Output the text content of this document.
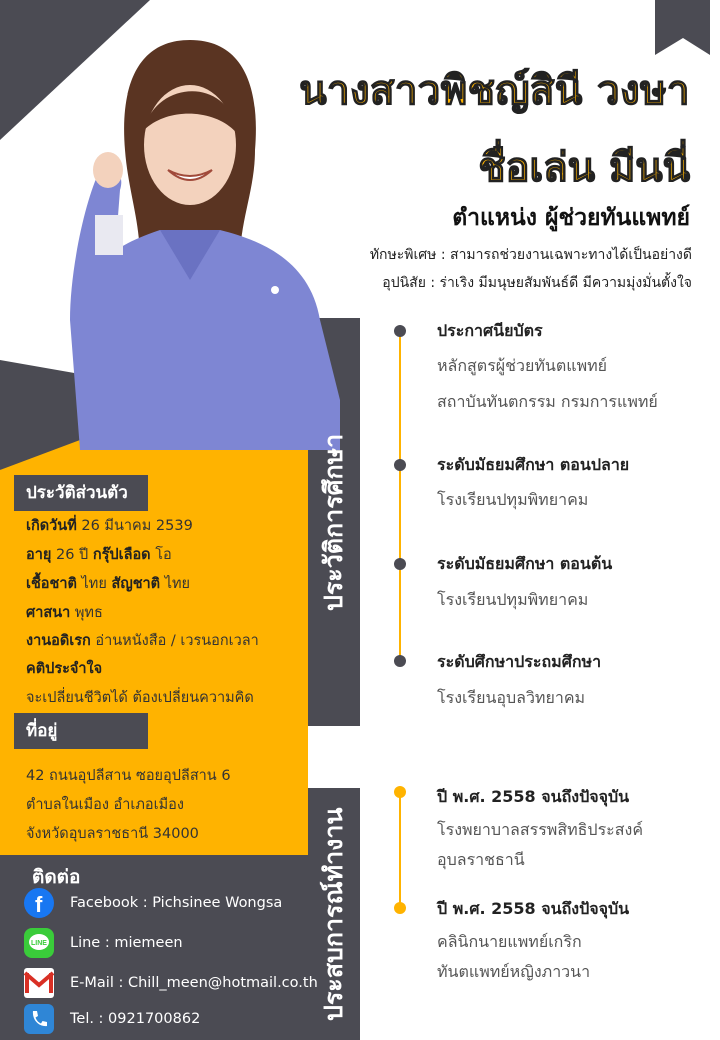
นางสาวพิชญ์สินี วงษา
ชื่อเล่น มีนนี่
ตำแหน่ง ผู้ช่วยทันแพทย์
ทักษะพิเศษ : สามารถช่วยงานเฉพาะทางได้เป็นอย่างดี
อุปนิสัย : ร่าเริง มีมนุษยสัมพันธ์ดี มีความมุ่งมั่นตั้งใจ
ประวัติส่วนตัว
เกิดวันที่ 26 มีนาคม 2539
อายุ 26 ปี กรุ๊ปเลือด โอ
เชื้อชาติ ไทย สัญชาติ ไทย
ศาสนา พุทธ
งานอดิเรก อ่านหนังสือ / เวรนอกเวลา
คติประจำใจ
จะเปลี่ยนชีวิตได้ ต้องเปลี่ยนความคิด
ที่อยู่
42 ถนนอุปลีสาน ซอยอุปลีสาน 6
ตำบลในเมือง อำเภอเมือง
จังหวัดอุบลราชธานี 34000
ติดต่อ
f Facebook : Pichsinee Wongsa
LINE Line : miemeen
E-Mail : Chill_meen@hotmail.co.th
Tel. : 0921700862
ประวัติการศึกษา
ประสบการณ์ทำงาน
ประกาศนียบัตร
หลักสูตรผู้ช่วยทันตแพทย์
สถาบันทันตกรรม กรมการแพทย์
ระดับมัธยมศึกษา ตอนปลาย
โรงเรียนปทุมพิทยาคม
ระดับมัธยมศึกษา ตอนต้น
โรงเรียนปทุมพิทยาคม
ระดับศึกษาประถมศึกษา
โรงเรียนอุบลวิทยาคม
ปี พ.ศ. 2558 จนถึงปัจจุบัน
โรงพยาบาลสรรพสิทธิประสงค์
อุบลราชธานี
ปี พ.ศ. 2558 จนถึงปัจจุบัน
คลินิกนายแพทย์เกริก
ทันตแพทย์หญิงภาวนา
